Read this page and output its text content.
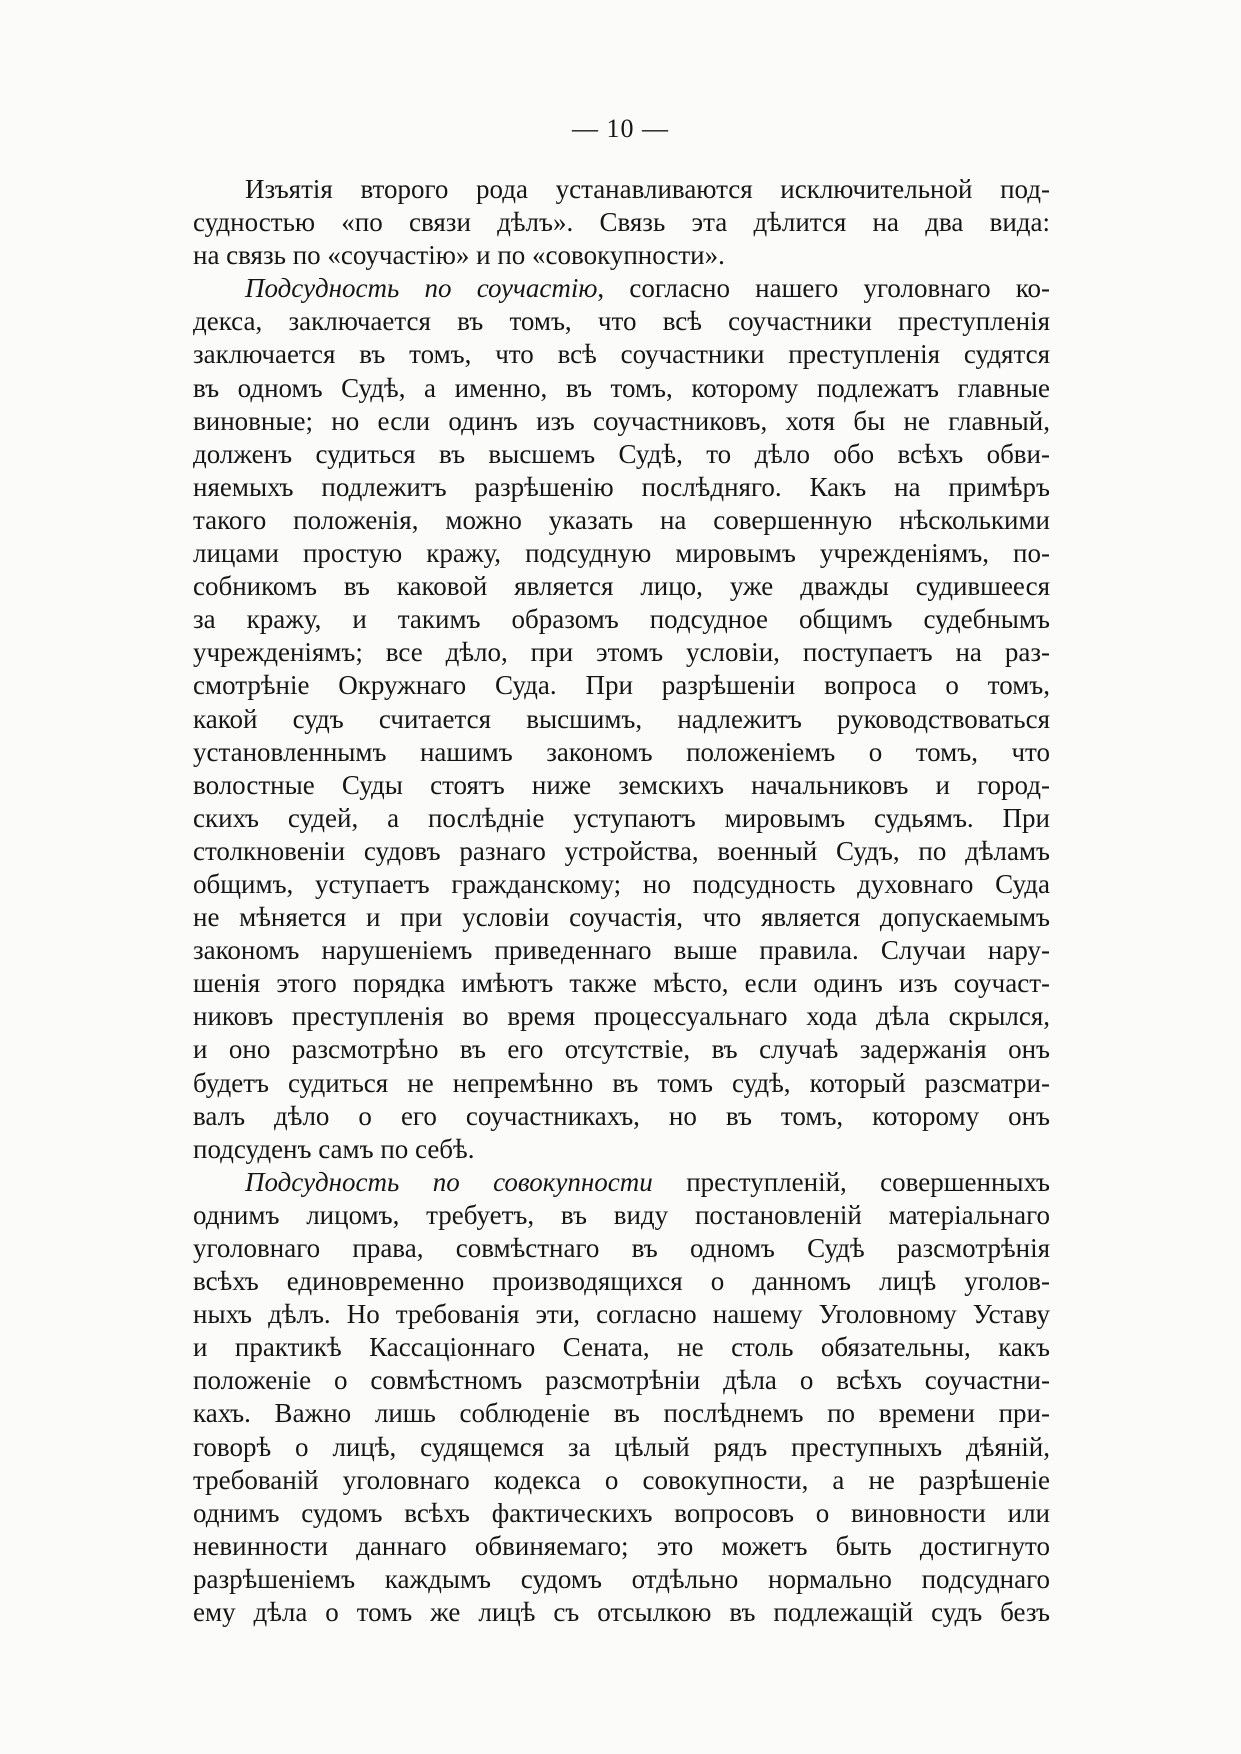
— 10 —
Изъятія второго рода устанавливаются исключительной под-
судностью «по связи дѣлъ». Связь эта дѣлится на два вида:
на связь по «соучастію» и по «совокупности».
Подсудность по соучастію, согласно нашего уголовнаго ко-
декса, заключается въ томъ, что всѣ соучастники преступленія
заключается въ томъ, что всѣ соучастники преступленія судятся
въ одномъ Судѣ, а именно, въ томъ, которому подлежатъ главные
виновные; но если одинъ изъ соучастниковъ, хотя бы не главный,
долженъ судиться въ высшемъ Судѣ, то дѣло обо всѣхъ обви-
няемыхъ подлежитъ разрѣшенію послѣдняго. Какъ на примѣръ
такого положенія, можно указать на совершенную нѣсколькими
лицами простую кражу, подсудную мировымъ учрежденіямъ, по-
собникомъ въ каковой является лицо, уже дважды судившееся
за кражу, и такимъ образомъ подсудное общимъ судебнымъ
учрежденіямъ; все дѣло, при этомъ условіи, поступаетъ на раз-
смотрѣніе Окружнаго Суда. При разрѣшеніи вопроса о томъ,
какой судъ считается высшимъ, надлежитъ руководствоваться
установленнымъ нашимъ закономъ положеніемъ о томъ, что
волостные Суды стоятъ ниже земскихъ начальниковъ и город-
скихъ судей, а послѣдніе уступаютъ мировымъ судьямъ. При
столкновеніи судовъ разнаго устройства, военный Судъ, по дѣламъ
общимъ, уступаетъ гражданскому; но подсудность духовнаго Суда
не мѣняется и при условіи соучастія, что является допускаемымъ
закономъ нарушеніемъ приведеннаго выше правила. Случаи нару-
шенія этого порядка имѣютъ также мѣсто, если одинъ изъ соучаст-
никовъ преступленія во время процессуальнаго хода дѣла скрылся,
и оно разсмотрѣно въ его отсутствіе, въ случаѣ задержанія онъ
будетъ судиться не непремѣнно въ томъ судѣ, который разсматри-
валъ дѣло о его соучастникахъ, но въ томъ, которому онъ
подсуденъ самъ по себѣ.
Подсудность по совокупности преступленій, совершенныхъ
однимъ лицомъ, требуетъ, въ виду постановленій матеріальнаго
уголовнаго права, совмѣстнаго въ одномъ Судѣ разсмотрѣнія
всѣхъ единовременно производящихся о данномъ лицѣ уголов-
ныхъ дѣлъ. Но требованія эти, согласно нашему Уголовному Уставу
и практикѣ Кассаціоннаго Сената, не столь обязательны, какъ
положеніе о совмѣстномъ разсмотрѣніи дѣла о всѣхъ соучастни-
кахъ. Важно лишь соблюденіе въ послѣднемъ по времени при-
говорѣ о лицѣ, судящемся за цѣлый рядъ преступныхъ дѣяній,
требованій уголовнаго кодекса о совокупности, а не разрѣшеніе
однимъ судомъ всѣхъ фактическихъ вопросовъ о виновности или
невинности даннаго обвиняемаго; это можетъ быть достигнуто
разрѣшеніемъ каждымъ судомъ отдѣльно нормально подсуднаго
ему дѣла о томъ же лицѣ съ отсылкою въ подлежащій судъ безъ
